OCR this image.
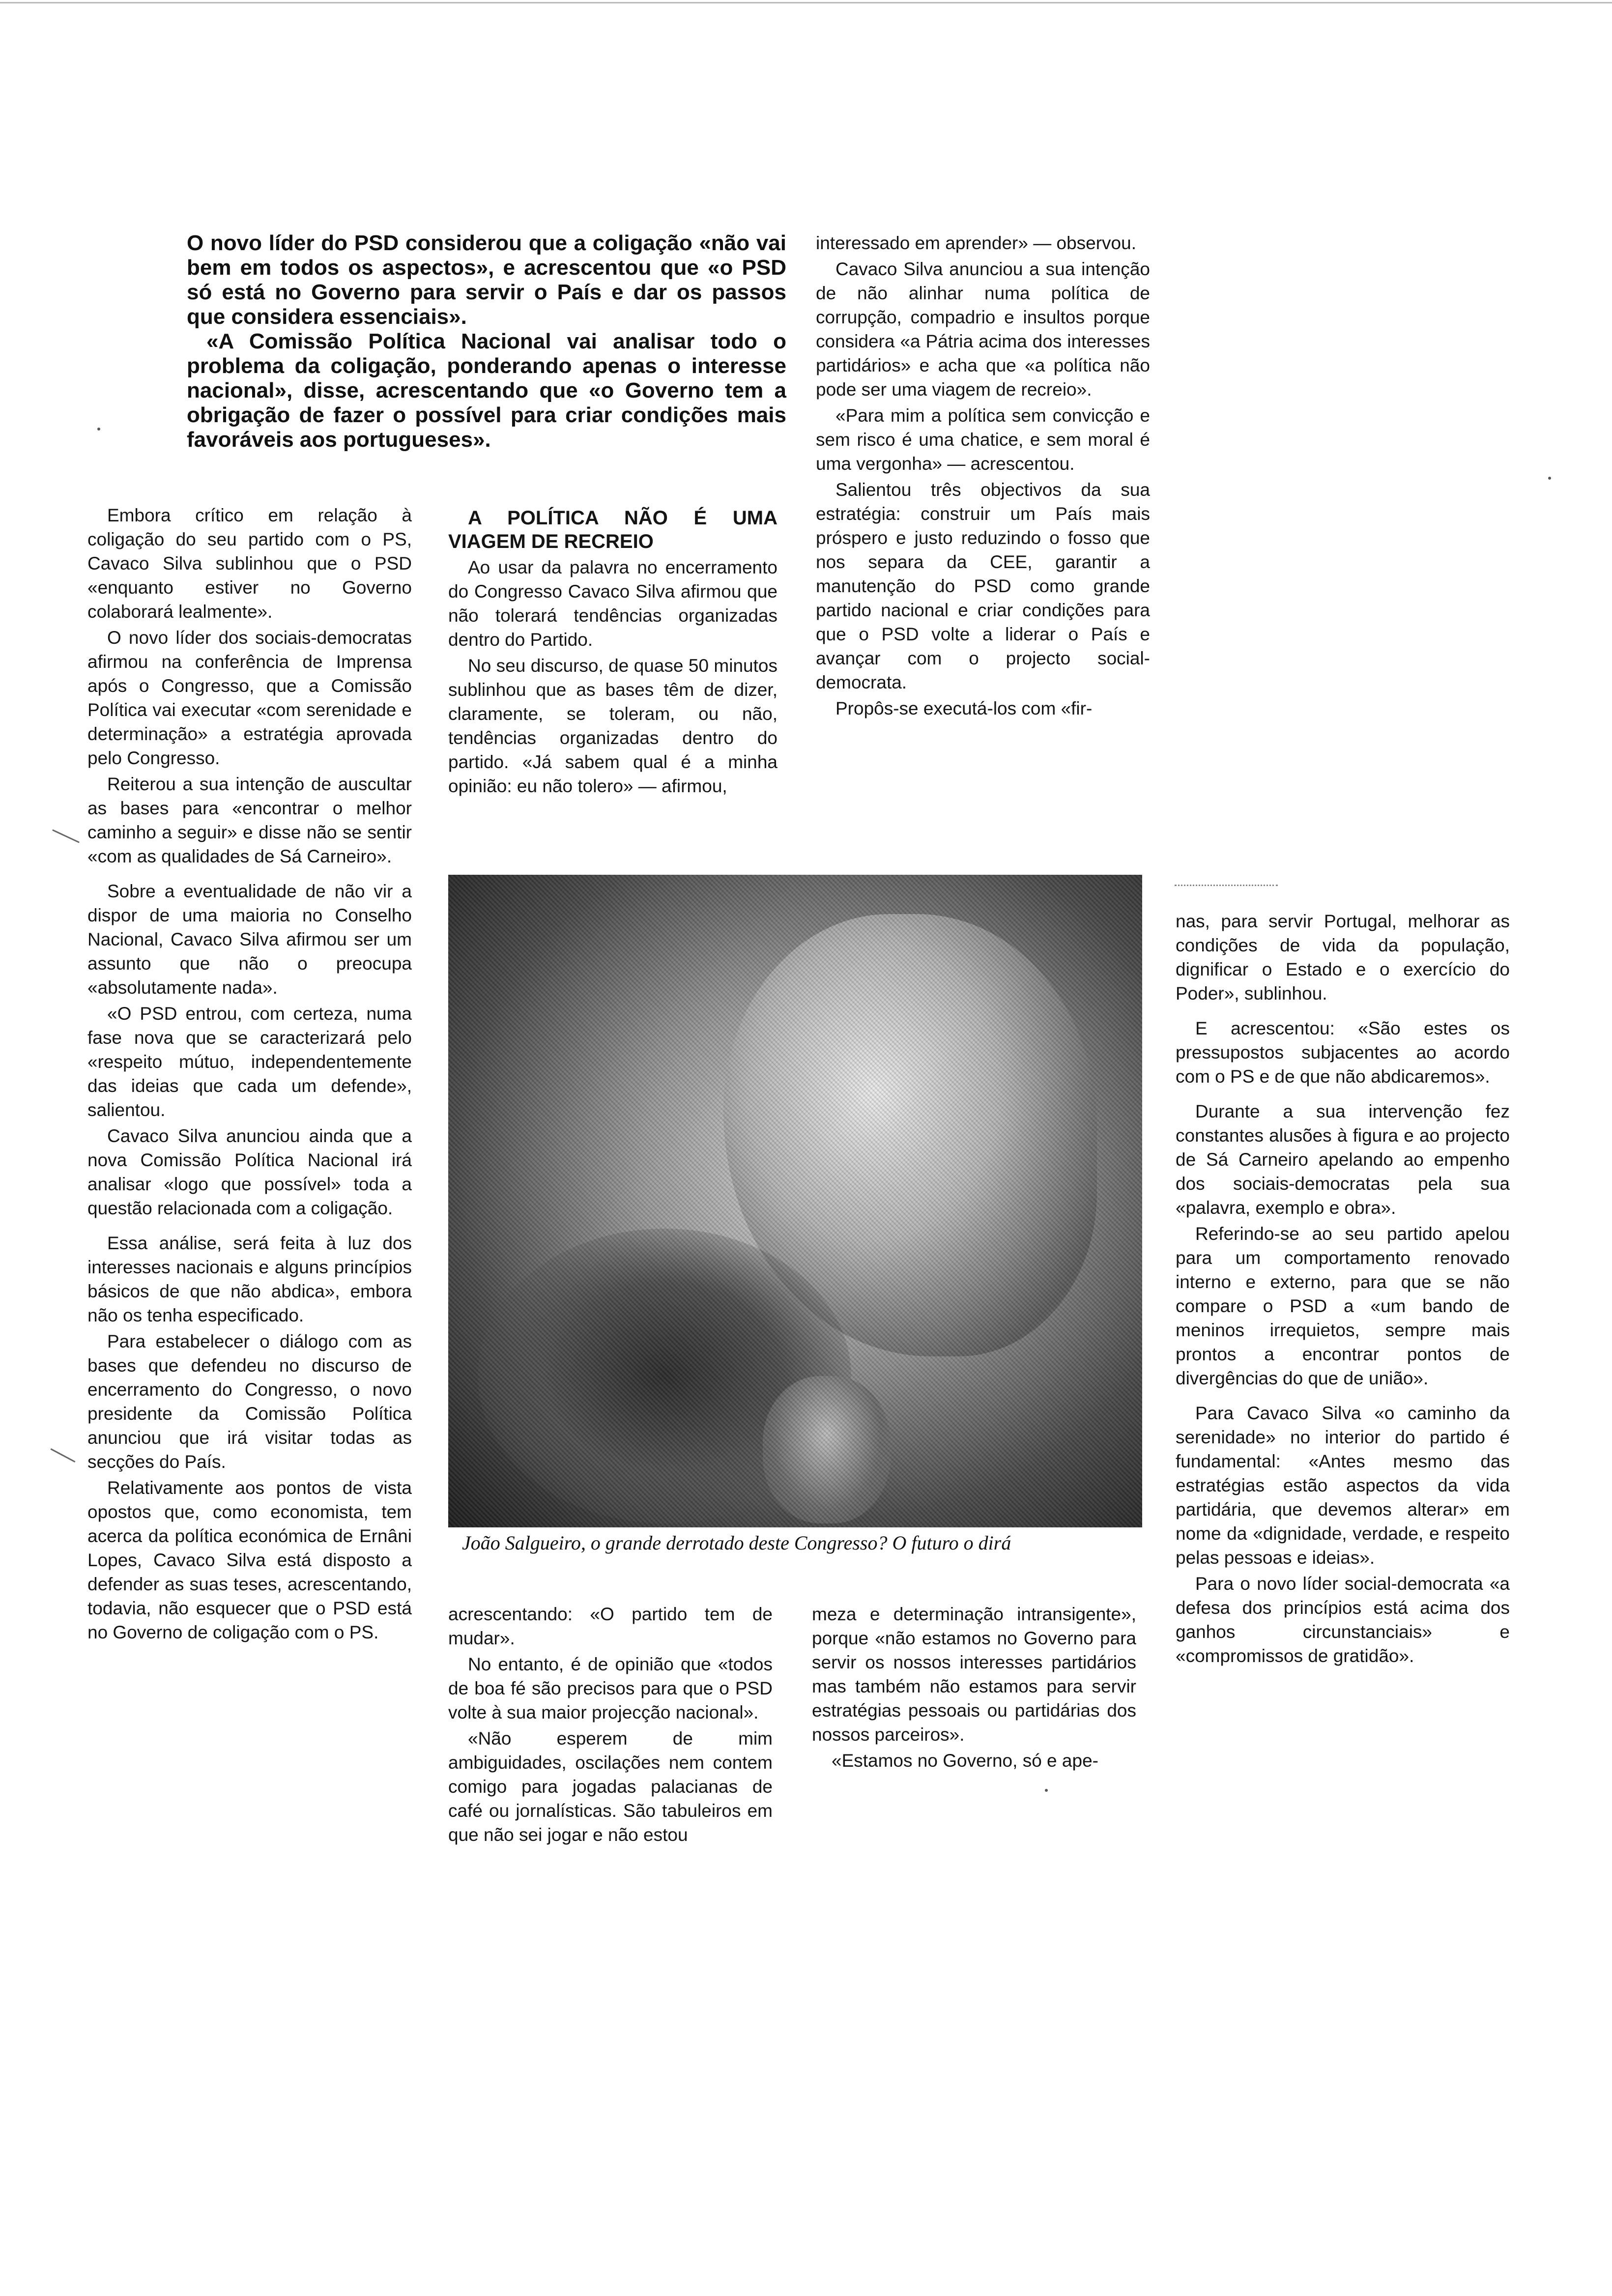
O novo líder do PSD considerou que a coligação «não vai bem em todos os aspectos», e acrescentou que «o PSD só está no Governo para servir o País e dar os passos que considera essenciais».

«A Comissão Política Nacional vai analisar todo o problema da coligação, ponderando apenas o interesse nacional», disse, acrescentando que «o Governo tem a obrigação de fazer o possível para criar condições mais favoráveis aos portugueses».

Embora crítico em relação à coligação do seu partido com o PS, Cavaco Silva sublinhou que o PSD «enquanto estiver no Governo colaborará lealmente».

O novo líder dos sociais-democratas afirmou na conferência de Imprensa após o Congresso, que a Comissão Política vai executar «com serenidade e determinação» a estratégia aprovada pelo Congresso.

Reiterou a sua intenção de auscultar as bases para «encontrar o melhor caminho a seguir» e disse não se sentir «com as qualidades de Sá Carneiro».

Sobre a eventualidade de não vir a dispor de uma maioria no Conselho Nacional, Cavaco Silva afirmou ser um assunto que não o preocupa «absolutamente nada».

«O PSD entrou, com certeza, numa fase nova que se caracterizará pelo «respeito mútuo, independentemente das ideias que cada um defende», salientou.

Cavaco Silva anunciou ainda que a nova Comissão Política Nacional irá analisar «logo que possível» toda a questão relacionada com a coligação.

Essa análise, será feita à luz dos interesses nacionais e alguns princípios básicos de que não abdica», embora não os tenha especificado.

Para estabelecer o diálogo com as bases que defendeu no discurso de encerramento do Congresso, o novo presidente da Comissão Política anunciou que irá visitar todas as secções do País.

Relativamente aos pontos de vista opostos que, como economista, tem acerca da política económica de Ernâni Lopes, Cavaco Silva está disposto a defender as suas teses, acrescentando, todavia, não esquecer que o PSD está no Governo de coligação com o PS.

A POLÍTICA NÃO É UMA VIAGEM DE RECREIO

Ao usar da palavra no encerramento do Congresso Cavaco Silva afirmou que não tolerará tendências organizadas dentro do Partido.

No seu discurso, de quase 50 minutos sublinhou que as bases têm de dizer, claramente, se toleram, ou não, tendências organizadas dentro do partido. «Já sabem qual é a minha opinião: eu não tolero» — afirmou,

interessado em aprender» — observou.

Cavaco Silva anunciou a sua intenção de não alinhar numa política de corrupção, compadrio e insultos porque considera «a Pátria acima dos interesses partidários» e acha que «a política não pode ser uma viagem de recreio».

«Para mim a política sem convicção e sem risco é uma chatice, e sem moral é uma vergonha» — acrescentou.

Salientou três objectivos da sua estratégia: construir um País mais próspero e justo reduzindo o fosso que nos separa da CEE, garantir a manutenção do PSD como grande partido nacional e criar condições para que o PSD volte a liderar o País e avançar com o projecto social-democrata.

Propôs-se executá-los com «fir-

João Salgueiro, o grande derrotado deste Congresso? O futuro o dirá

nas, para servir Portugal, melhorar as condições de vida da população, dignificar o Estado e o exercício do Poder», sublinhou.

E acrescentou: «São estes os pressupostos subjacentes ao acordo com o PS e de que não abdicaremos».

Durante a sua intervenção fez constantes alusões à figura e ao projecto de Sá Carneiro apelando ao empenho dos sociais-democratas pela sua «palavra, exemplo e obra».

Referindo-se ao seu partido apelou para um comportamento renovado interno e externo, para que se não compare o PSD a «um bando de meninos irrequietos, sempre mais prontos a encontrar pontos de divergências do que de união».

Para Cavaco Silva «o caminho da serenidade» no interior do partido é fundamental: «Antes mesmo das estratégias estão aspectos da vida partidária, que devemos alterar» em nome da «dignidade, verdade, e respeito pelas pessoas e ideias».

Para o novo líder social-democrata «a defesa dos princípios está acima dos ganhos circunstanciais» e «compromissos de gratidão».

acrescentando: «O partido tem de mudar».

No entanto, é de opinião que «todos de boa fé são precisos para que o PSD volte à sua maior projecção nacional».

«Não esperem de mim ambiguidades, oscilações nem contem comigo para jogadas palacianas de café ou jornalísticas. São tabuleiros em que não sei jogar e não estou

meza e determinação intransigente», porque «não estamos no Governo para servir os nossos interesses partidários mas também não estamos para servir estratégias pessoais ou partidárias dos nossos parceiros».

«Estamos no Governo, só e ape-
